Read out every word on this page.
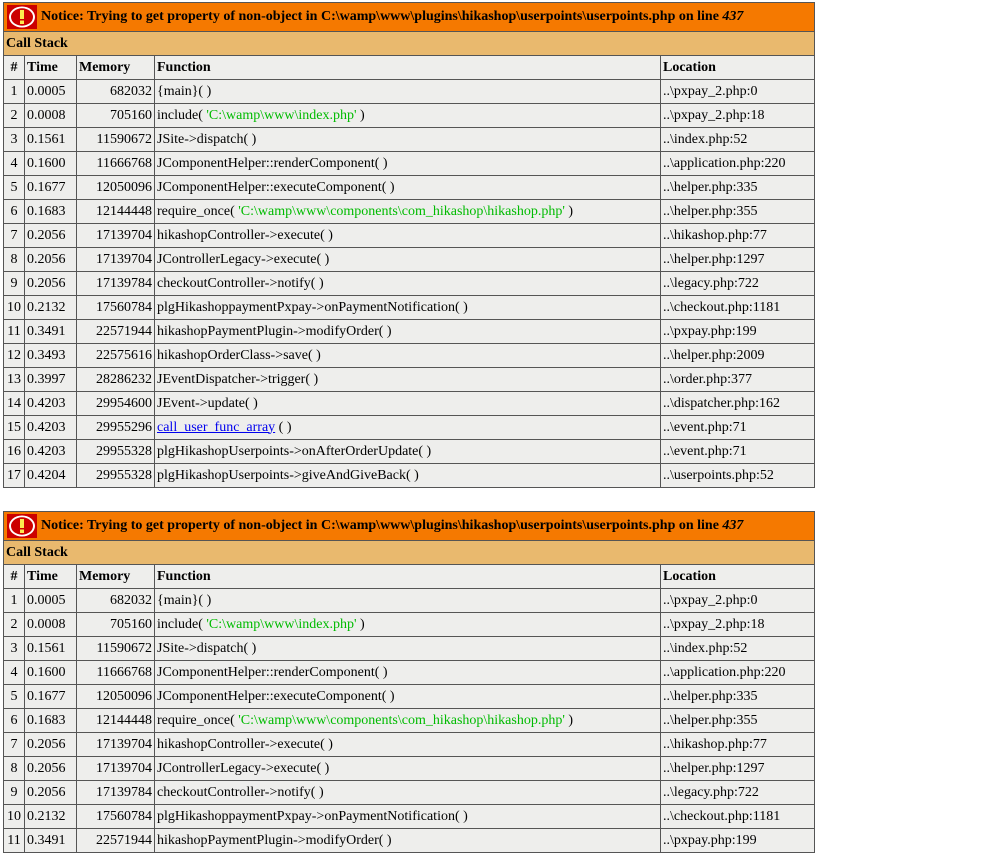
Notice: Trying to get property of non-object in C:\wamp\www\plugins\hikashop\userpoints\userpoints.php on line 437				
Call Stack				
#	Time	Memory	Function	Location
1	0.0005	682032	{main}( )	..\pxpay_2.php:0
2	0.0008	705160	include( 'C:\wamp\www\index.php' )	..\pxpay_2.php:18
3	0.1561	11590672	JSite->dispatch( )	..\index.php:52
4	0.1600	11666768	JComponentHelper::renderComponent( )	..\application.php:220
5	0.1677	12050096	JComponentHelper::executeComponent( )	..\helper.php:335
6	0.1683	12144448	require_once( 'C:\wamp\www\components\com_hikashop\hikashop.php' )	..\helper.php:355
7	0.2056	17139704	hikashopController->execute( )	..\hikashop.php:77
8	0.2056	17139704	JControllerLegacy->execute( )	..\helper.php:1297
9	0.2056	17139784	checkoutController->notify( )	..\legacy.php:722
10	0.2132	17560784	plgHikashoppaymentPxpay->onPaymentNotification( )	..\checkout.php:1181
11	0.3491	22571944	hikashopPaymentPlugin->modifyOrder( )	..\pxpay.php:199
12	0.3493	22575616	hikashopOrderClass->save( )	..\helper.php:2009
13	0.3997	28286232	JEventDispatcher->trigger( )	..\order.php:377
14	0.4203	29954600	JEvent->update( )	..\dispatcher.php:162
15	0.4203	29955296	call_user_func_array ( )	..\event.php:71
16	0.4203	29955328	plgHikashopUserpoints->onAfterOrderUpdate( )	..\event.php:71
17	0.4204	29955328	plgHikashopUserpoints->giveAndGiveBack( )	..\userpoints.php:52
Notice: Trying to get property of non-object in C:\wamp\www\plugins\hikashop\userpoints\userpoints.php on line 437				
Call Stack				
#	Time	Memory	Function	Location
1	0.0005	682032	{main}( )	..\pxpay_2.php:0
2	0.0008	705160	include( 'C:\wamp\www\index.php' )	..\pxpay_2.php:18
3	0.1561	11590672	JSite->dispatch( )	..\index.php:52
4	0.1600	11666768	JComponentHelper::renderComponent( )	..\application.php:220
5	0.1677	12050096	JComponentHelper::executeComponent( )	..\helper.php:335
6	0.1683	12144448	require_once( 'C:\wamp\www\components\com_hikashop\hikashop.php' )	..\helper.php:355
7	0.2056	17139704	hikashopController->execute( )	..\hikashop.php:77
8	0.2056	17139704	JControllerLegacy->execute( )	..\helper.php:1297
9	0.2056	17139784	checkoutController->notify( )	..\legacy.php:722
10	0.2132	17560784	plgHikashoppaymentPxpay->onPaymentNotification( )	..\checkout.php:1181
11	0.3491	22571944	hikashopPaymentPlugin->modifyOrder( )	..\pxpay.php:199
